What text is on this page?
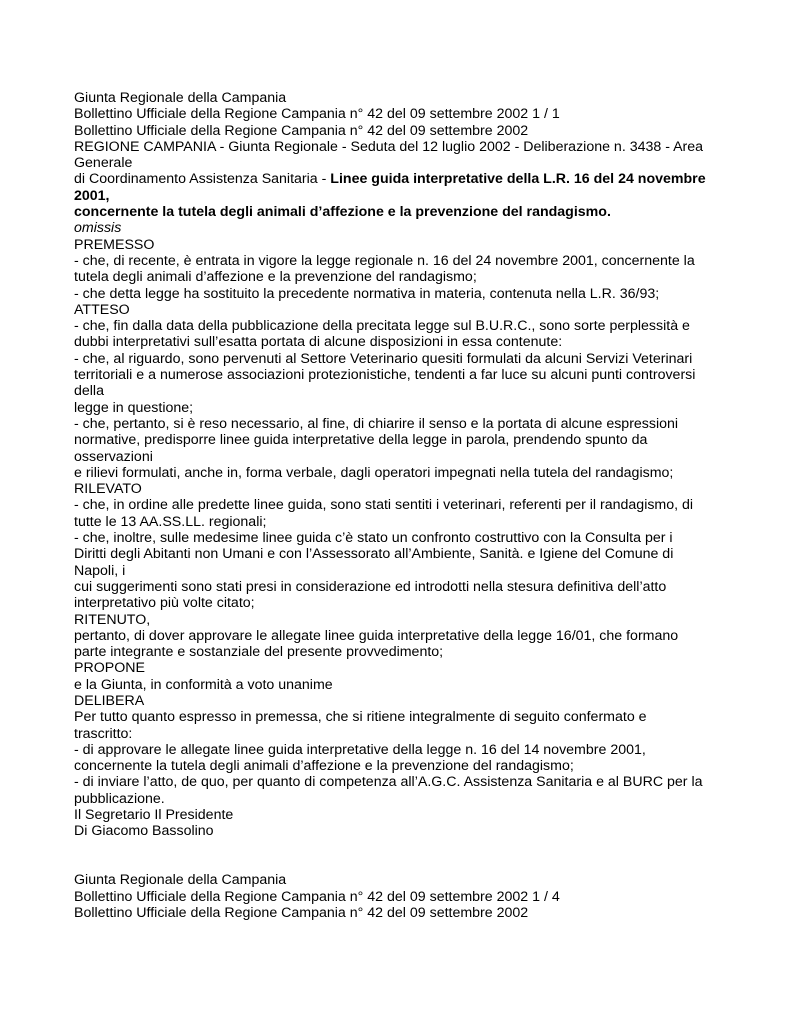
Giunta Regionale della Campania
Bollettino Ufficiale della Regione Campania n° 42 del 09 settembre 2002 1 / 1
Bollettino Ufficiale della Regione Campania n° 42 del 09 settembre 2002
REGIONE CAMPANIA - Giunta Regionale - Seduta del 12 luglio 2002 - Deliberazione n. 3438 - Area
Generale
di Coordinamento Assistenza Sanitaria - Linee guida interpretative della L.R. 16 del 24 novembre
2001,
concernente la tutela degli animali d’affezione e la prevenzione del randagismo.
omissis
PREMESSO
- che, di recente, è entrata in vigore la legge regionale n. 16 del 24 novembre 2001, concernente la
tutela degli animali d’affezione e la prevenzione del randagismo;
- che detta legge ha sostituito la precedente normativa in materia, contenuta nella L.R. 36/93;
ATTESO
- che, fin dalla data della pubblicazione della precitata legge sul B.U.R.C., sono sorte perplessità e
dubbi interpretativi sull’esatta portata di alcune disposizioni in essa contenute:
- che, al riguardo, sono pervenuti al Settore Veterinario quesiti formulati da alcuni Servizi Veterinari
territoriali e a numerose associazioni protezionistiche, tendenti a far luce su alcuni punti controversi
della
legge in questione;
- che, pertanto, si è reso necessario, al fine, di chiarire il senso e la portata di alcune espressioni
normative, predisporre linee guida interpretative della legge in parola, prendendo spunto da
osservazioni
e rilievi formulati, anche in, forma verbale, dagli operatori impegnati nella tutela del randagismo;
RILEVATO
- che, in ordine alle predette linee guida, sono stati sentiti i veterinari, referenti per il randagismo, di
tutte le 13 AA.SS.LL. regionali;
- che, inoltre, sulle medesime linee guida c’è stato un confronto costruttivo con la Consulta per i
Diritti degli Abitanti non Umani e con l’Assessorato all’Ambiente, Sanità. e Igiene del Comune di
Napoli, i
cui suggerimenti sono stati presi in considerazione ed introdotti nella stesura definitiva dell’atto
interpretativo più volte citato;
RITENUTO,
pertanto, di dover approvare le allegate linee guida interpretative della legge 16/01, che formano
parte integrante e sostanziale del presente provvedimento;
PROPONE
e la Giunta, in conformità a voto unanime
DELIBERA
Per tutto quanto espresso in premessa, che si ritiene integralmente di seguito confermato e
trascritto:
- di approvare le allegate linee guida interpretative della legge n. 16 del 14 novembre 2001,
concernente la tutela degli animali d’affezione e la prevenzione del randagismo;
- di inviare l’atto, de quo, per quanto di competenza all’A.G.C. Assistenza Sanitaria e al BURC per la
pubblicazione.
Il Segretario Il Presidente
Di Giacomo Bassolino
Giunta Regionale della Campania
Bollettino Ufficiale della Regione Campania n° 42 del 09 settembre 2002 1 / 4
Bollettino Ufficiale della Regione Campania n° 42 del 09 settembre 2002
